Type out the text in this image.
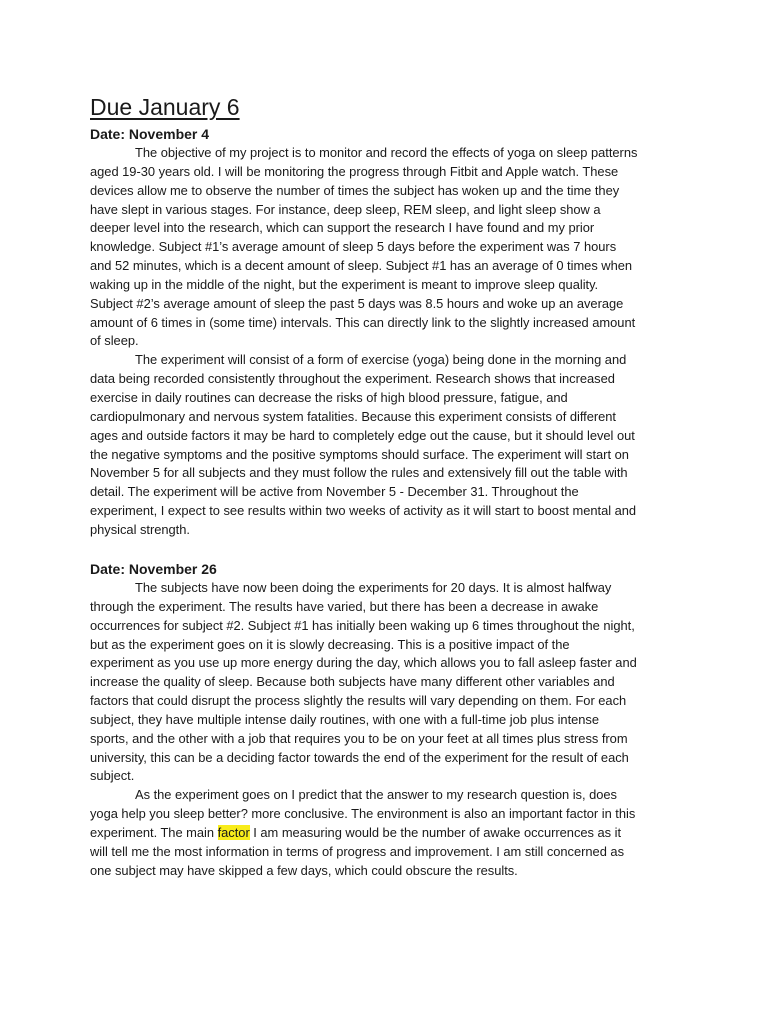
Due January 6
Date: November 4

The objective of my project is to monitor and record the effects of yoga on sleep patterns
aged 19-30 years old. I will be monitoring the progress through Fitbit and Apple watch. These
devices allow me to observe the number of times the subject has woken up and the time they
have slept in various stages. For instance, deep sleep, REM sleep, and light sleep show a
deeper level into the research, which can support the research I have found and my prior
knowledge. Subject #1’s average amount of sleep 5 days before the experiment was 7 hours
and 52 minutes, which is a decent amount of sleep. Subject #1 has an average of 0 times when
waking up in the middle of the night, but the experiment is meant to improve sleep quality.
Subject #2’s average amount of sleep the past 5 days was 8.5 hours and woke up an average
amount of 6 times in (some time) intervals. This can directly link to the slightly increased amount
of sleep.

The experiment will consist of a form of exercise (yoga) being done in the morning and
data being recorded consistently throughout the experiment. Research shows that increased
exercise in daily routines can decrease the risks of high blood pressure, fatigue, and
cardiopulmonary and nervous system fatalities. Because this experiment consists of different
ages and outside factors it may be hard to completely edge out the cause, but it should level out
the negative symptoms and the positive symptoms should surface. The experiment will start on
November 5 for all subjects and they must follow the rules and extensively fill out the table with
detail. The experiment will be active from November 5 - December 31. Throughout the
experiment, I expect to see results within two weeks of activity as it will start to boost mental and
physical strength.

Date: November 26

The subjects have now been doing the experiments for 20 days. It is almost halfway
through the experiment. The results have varied, but there has been a decrease in awake
occurrences for subject #2. Subject #1 has initially been waking up 6 times throughout the night,
but as the experiment goes on it is slowly decreasing. This is a positive impact of the
experiment as you use up more energy during the day, which allows you to fall asleep faster and
increase the quality of sleep. Because both subjects have many different other variables and
factors that could disrupt the process slightly the results will vary depending on them. For each
subject, they have multiple intense daily routines, with one with a full-time job plus intense
sports, and the other with a job that requires you to be on your feet at all times plus stress from
university, this can be a deciding factor towards the end of the experiment for the result of each
subject.

As the experiment goes on I predict that the answer to my research question is, does
yoga help you sleep better? more conclusive. The environment is also an important factor in this
experiment. The main factor I am measuring would be the number of awake occurrences as it
will tell me the most information in terms of progress and improvement. I am still concerned as
one subject may have skipped a few days, which could obscure the results.
